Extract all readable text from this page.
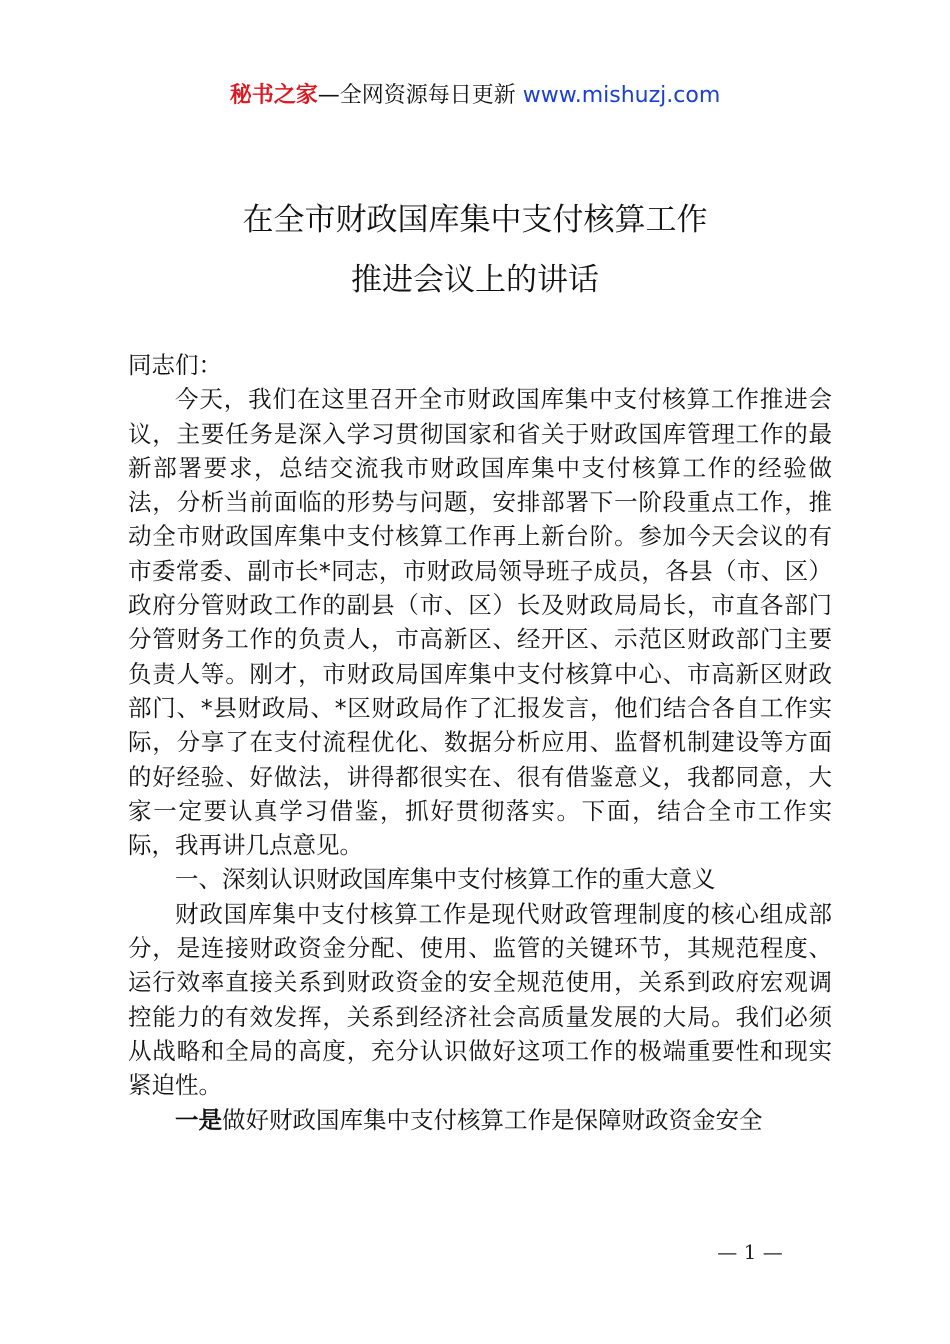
秘书之家—全网资源每日更新 www.mishuzj.com
在全市财政国库集中支付核算工作
推进会议上的讲话

同志们：

今天，我们在这里召开全市财政国库集中支付核算工作推进会议，主要任务是深入学习贯彻国家和省关于财政国库管理工作的最新部署要求，总结交流我市财政国库集中支付核算工作的经验做法，分析当前面临的形势与问题，安排部署下一阶段重点工作，推动全市财政国库集中支付核算工作再上新台阶。参加今天会议的有市委常委、副市长*同志，市财政局领导班子成员，各县（市、区）政府分管财政工作的副县（市、区）长及财政局局长，市直各部门分管财务工作的负责人，市高新区、经开区、示范区财政部门主要负责人等。刚才，市财政局国库集中支付核算中心、市高新区财政部门、*县财政局、*区财政局作了汇报发言，他们结合各自工作实际，分享了在支付流程优化、数据分析应用、监督机制建设等方面的好经验、好做法，讲得都很实在、很有借鉴意义，我都同意，大家一定要认真学习借鉴，抓好贯彻落实。下面，结合全市工作实际，我再讲几点意见。

一、深刻认识财政国库集中支付核算工作的重大意义

财政国库集中支付核算工作是现代财政管理制度的核心组成部分，是连接财政资金分配、使用、监管的关键环节，其规范程度、运行效率直接关系到财政资金的安全规范使用，关系到政府宏观调控能力的有效发挥，关系到经济社会高质量发展的大局。我们必须从战略和全局的高度，充分认识做好这项工作的极端重要性和现实紧迫性。

一是做好财政国库集中支付核算工作是保障财政资金安全

— 1 —
